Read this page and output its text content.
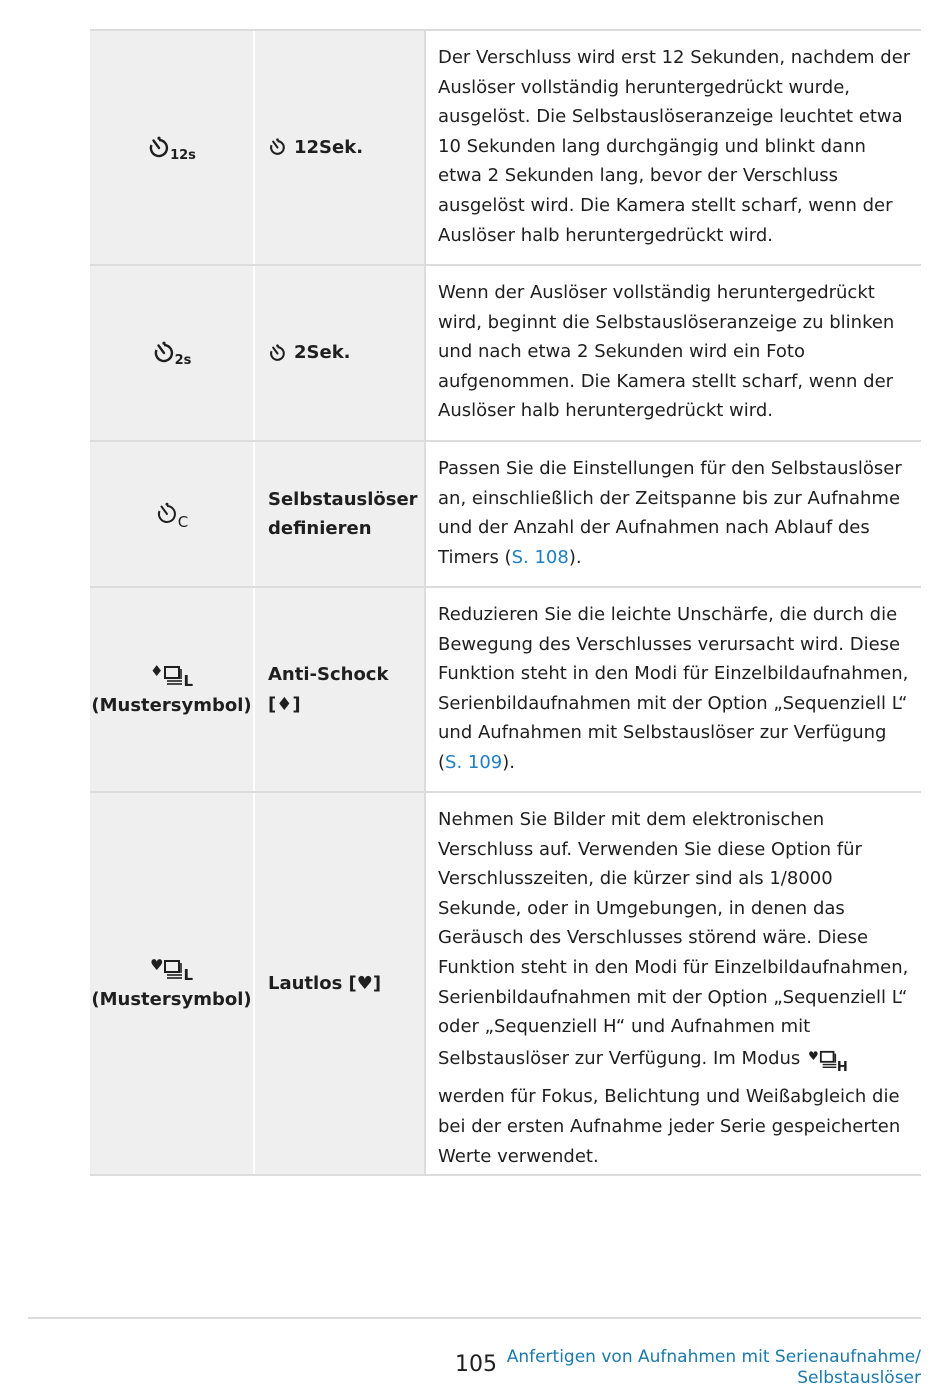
12s	12Sek.
Der Verschluss wird erst 12 Sekunden, nachdem der Auslöser vollständig heruntergedrückt wurde, ausgelöst. Die Selbstauslöseranzeige leuchtet etwa 10 Sekunden lang durchgängig und blinkt dann etwa 2 Sekunden lang, bevor der Verschluss ausgelöst wird. Die Kamera stellt scharf, wenn der Auslöser halb heruntergedrückt wird.
2s	2Sek.
Wenn der Auslöser vollständig heruntergedrückt wird, beginnt die Selbstauslöseranzeige zu blinken und nach etwa 2 Sekunden wird ein Foto aufgenommen. Die Kamera stellt scharf, wenn der Auslöser halb heruntergedrückt wird.
C
Selbstauslöser
definieren
Passen Sie die Einstellungen für den Selbstauslöser an, einschließlich der Zeitspanne bis zur Aufnahme und der Anzahl der Aufnahmen nach Ablauf des Timers (S. 108).
♦
L
(Mustersymbol)
Anti-Schock [♦]
Reduzieren Sie die leichte Unschärfe, die durch die Bewegung des Verschlusses verursacht wird. Diese Funktion steht in den Modi für Einzelbildaufnahmen, Serienbildaufnahmen mit der Option „Sequenziell L“ und Aufnahmen mit Selbstauslöser zur Verfügung (S. 109).
♥
L
(Mustersymbol)
Lautlos [♥]
Nehmen Sie Bilder mit dem elektronischen Verschluss auf. Verwenden Sie diese Option für Verschlusszeiten, die kürzer sind als 1/8000 Sekunde, oder in Umgebungen, in denen das Geräusch des Verschlusses störend wäre. Diese Funktion steht in den Modi für Einzelbildaufnahmen, Serienbildaufnahmen mit der Option „Sequenziell L“ oder „Sequenziell H“ und Aufnahmen mit Selbstauslöser zur Verfügung. Im Modus ♥H werden für Fokus, Belichtung und Weißabgleich die bei der ersten Aufnahme jeder Serie gespeicherten Werte verwendet.
105 Anfertigen von Aufnahmen mit Serienaufnahme/
Selbstauslöser
